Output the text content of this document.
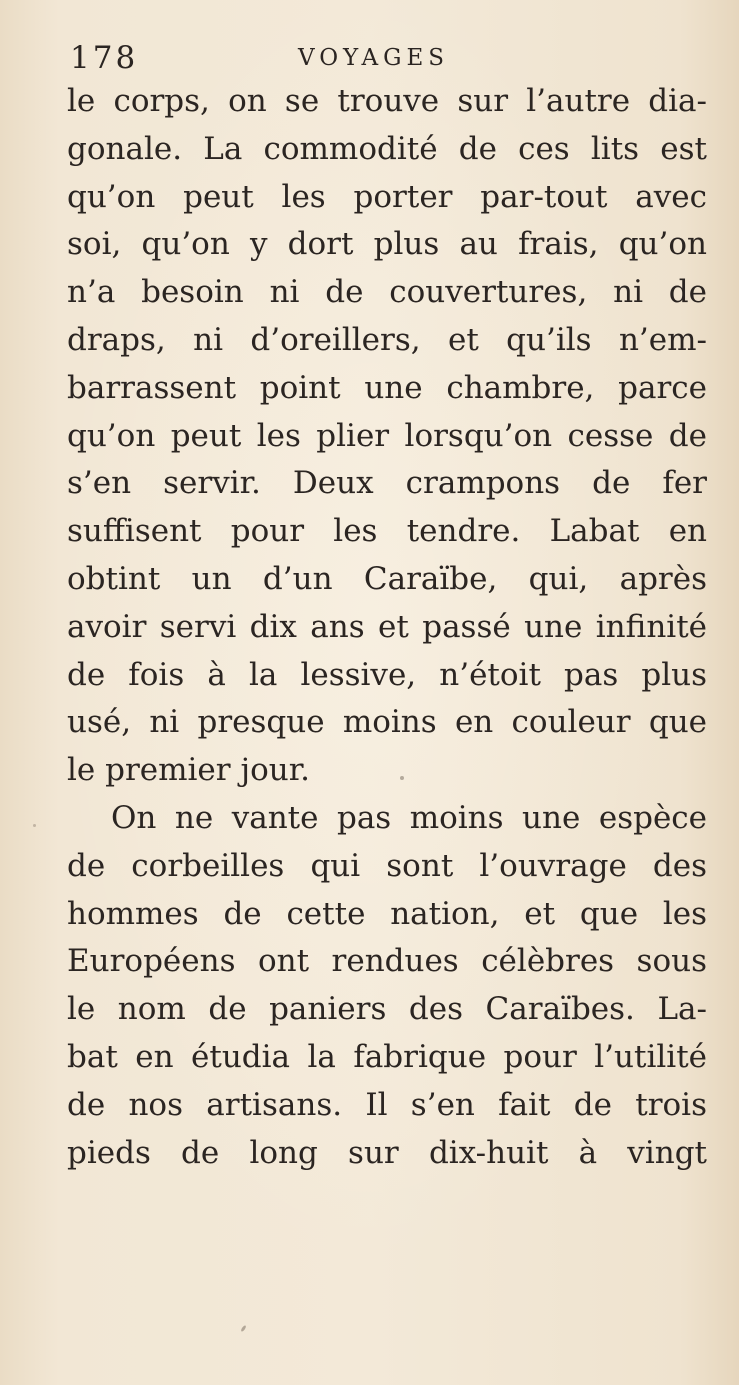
178	VOYAGES
le corps, on se trouve sur l’autre dia-
gonale. La commodité de ces lits est
qu’on peut les porter par-tout avec
soi, qu’on y dort plus au frais, qu’on
n’a besoin ni de couvertures, ni de
draps, ni d’oreillers, et qu’ils n’em-
barrassent point une chambre, parce
qu’on peut les plier lorsqu’on cesse de
s’en servir. Deux crampons de fer
suffisent pour les tendre. Labat en
obtint un d’un Caraïbe, qui, après
avoir servi dix ans et passé une infinité
de fois à la lessive, n’étoit pas plus
usé, ni presque moins en couleur que
le premier jour.
On ne vante pas moins une espèce
de corbeilles qui sont l’ouvrage des
hommes de cette nation, et que les
Européens ont rendues célèbres sous
le nom de paniers des Caraïbes. La-
bat en étudia la fabrique pour l’utilité
de nos artisans. Il s’en fait de trois
pieds de long sur dix-huit à vingt
